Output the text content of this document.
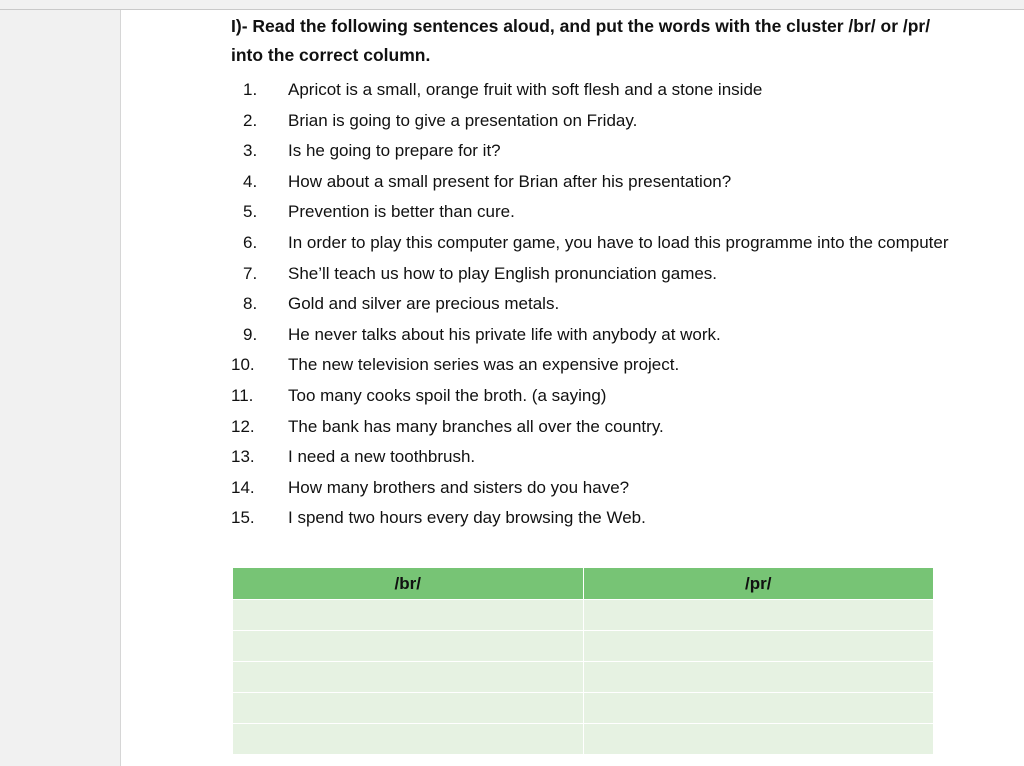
I)- Read the following sentences aloud, and put the words with the cluster /br/ or /pr/ into the correct column.
1.	Apricot is a small, orange fruit with soft flesh and a stone inside
2.	Brian is going to give a presentation on Friday.
3.	Is he going to prepare for it?
4.	How about a small present for Brian after his presentation?
5.	Prevention is better than cure.
6.	In order to play this computer game, you have to load this programme into the computer
7.	She’ll teach us how to play English pronunciation games.
8.	Gold and silver are precious metals.
9.	He never talks about his private life with anybody at work.
10.	The new television series was an expensive project.
11.	Too many cooks spoil the broth. (a saying)
12.	The bank has many branches all over the country.
13.	I need a new toothbrush.
14.	How many brothers and sisters do you have?
15.	I spend two hours every day browsing the Web.
/br/	/pr/
